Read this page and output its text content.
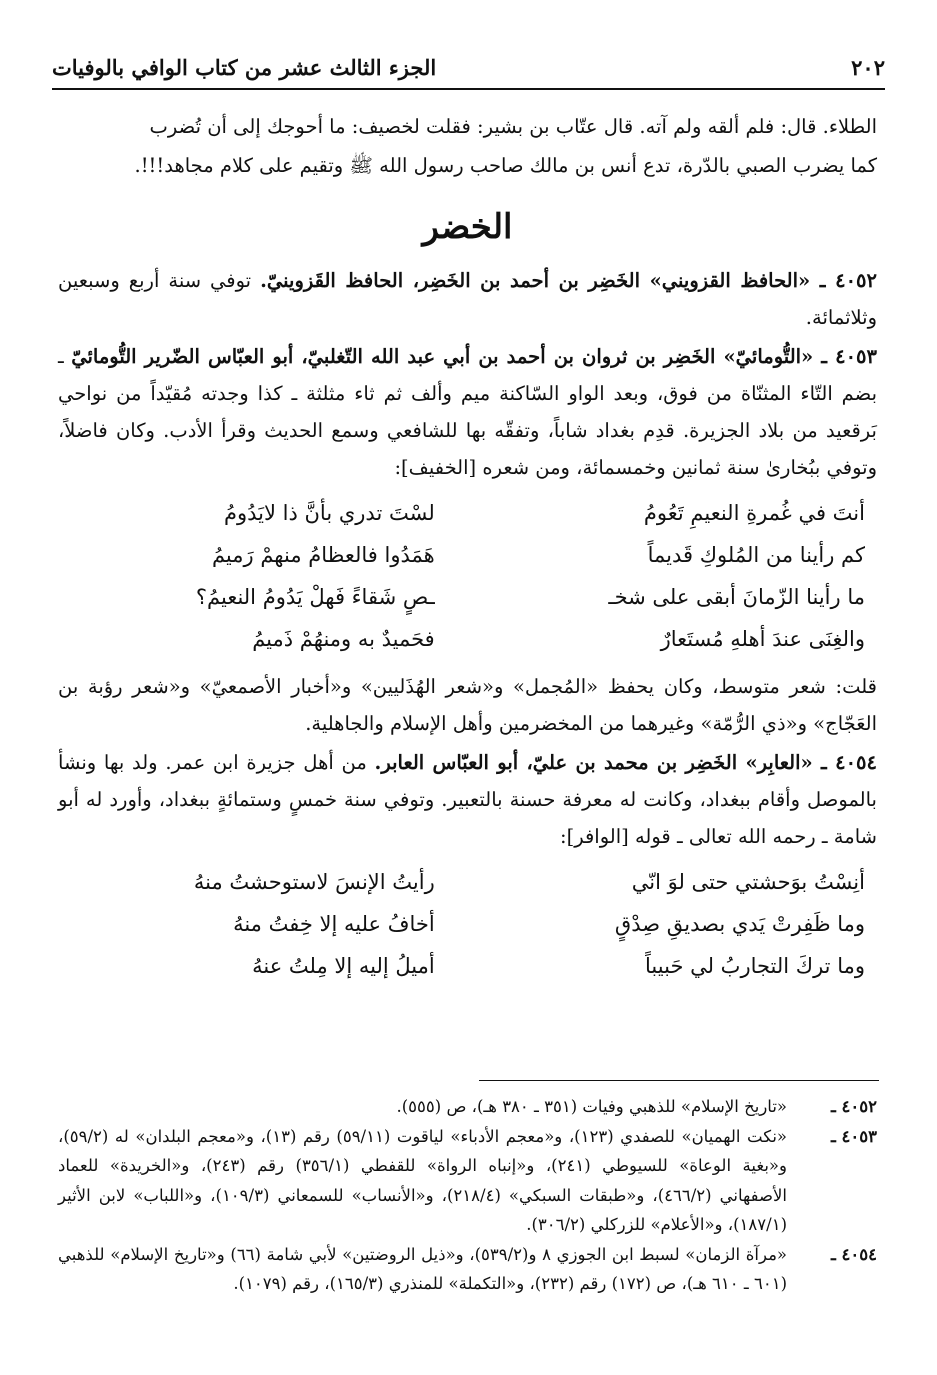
٢٠٢
الجزء الثالث عشر من كتاب الوافي بالوفيات

الطلاء. قال: فلم ألقه ولم آته. قال عتّاب بن بشير: فقلت لخصيف: ما أحوجك إلى أن تُضرب

كما يضرب الصبي بالدّرة، تدع أنس بن مالك صاحب رسول الله ﷺ وتقيم على كلام مجاهد!!!.

الخضر

٤٠٥٢ ـ «الحافظ القزويني» الخَضِر بن أحمد بن الخَضِر، الحافظ القَزوينيّ. توفي سنة أربع وسبعين وثلاثمائة.

٤٠٥٣ ـ «التُّومائيّ» الخَضِر بن ثروان بن أحمد بن أبي عبد الله التّغلبيّ، أبو العبّاس الضّرير التُّومائيّ ـ بضم التّاء المثنّاة من فوق، وبعد الواو السّاكنة ميم وألف ثم ثاء مثلثة ـ كذا وجدته مُقيّداً من نواحي بَرقعيد من بلاد الجزيرة. قدِم بغداد شاباً، وتفقّه بها للشافعي وسمع الحديث وقرأ الأدب. وكان فاضلاً، وتوفي ببُخارىٰ سنة ثمانين وخمسمائة، ومن شعره [الخفيف]:

أنتَ في غُمرةِ النعيمِ تَعُومُ
لسْتَ تدري بأنَّ ذا لايَدُومُ
كم رأينا من المُلوكِ قَديماً
هَمَدُوا فالعظامُ منهمْ رَميمُ
ما رأينا الزّمانَ أبقى على شخـ
ـصٍ شَقاءً فَهلْ يَدُومُ النعيمُ؟
والغِنَى عندَ أهلهِ مُستَعارٌ
فحَميدٌ به ومنهُمْ ذَميمُ

قلت: شعر متوسط، وكان يحفظ «المُجمل» و«شعر الهُذَليين» و«أخبار الأصمعيّ» و«شعر رؤبة بن العَجّاج» و«ذي الرُّمّة» وغيرهما من المخضرمين وأهل الإسلام والجاهلية.

٤٠٥٤ ـ «العابِر» الخَضِر بن محمد بن عليّ، أبو العبّاس العابر. من أهل جزيرة ابن عمر. ولد بها ونشأ بالموصل وأقام ببغداد، وكانت له معرفة حسنة بالتعبير. وتوفي سنة خمسٍ وستمائةٍ ببغداد، وأورد له أبو شامة ـ رحمه الله تعالى ـ قوله [الوافر]:

أنِسْتُ بوَحشتي حتى لوَ انّي
رأيتُ الإنسَ لاستوحشتُ منهُ
وما ظَفِرتْ يَدي بصديقِ صِدْقٍ
أخافُ عليه إلا خِفتُ منهُ
وما تركَ التجاربُ لي حَبيباً
أميلُ إليه إلا مِلتُ عنهُ
٤٠٥٢ ـ
«تاريخ الإسلام» للذهبي وفيات (٣٥١ ـ ٣٨٠ هـ)، ص (٥٥٥).
٤٠٥٣ ـ
«نكت الهميان» للصفدي (١٢٣)، و«معجم الأدباء» لياقوت (٥٩/١١) رقم (١٣)، و«معجم البلدان» له (٥٩/٢)، و«بغية الوعاة» للسيوطي (٢٤١)، و«إنباه الرواة» للقفطي (٣٥٦/١) رقم (٢٤٣)، و«الخريدة» للعماد الأصفهاني (٤٦٦/٢)، و«طبقات السبكي» (٢١٨/٤)، و«الأنساب» للسمعاني (١٠٩/٣)، و«اللباب» لابن الأثير (١٨٧/١)، و«الأعلام» للزركلي (٣٠٦/٢).
٤٠٥٤ ـ
«مرآة الزمان» لسبط ابن الجوزي ٨ و(٥٣٩/٢)، و«ذيل الروضتين» لأبي شامة (٦٦) و«تاريخ الإسلام» للذهبي (٦٠١ ـ ٦١٠ هـ)، ص (١٧٢) رقم (٢٣٢)، و«التكملة» للمنذري (١٦٥/٣)، رقم (١٠٧٩).
